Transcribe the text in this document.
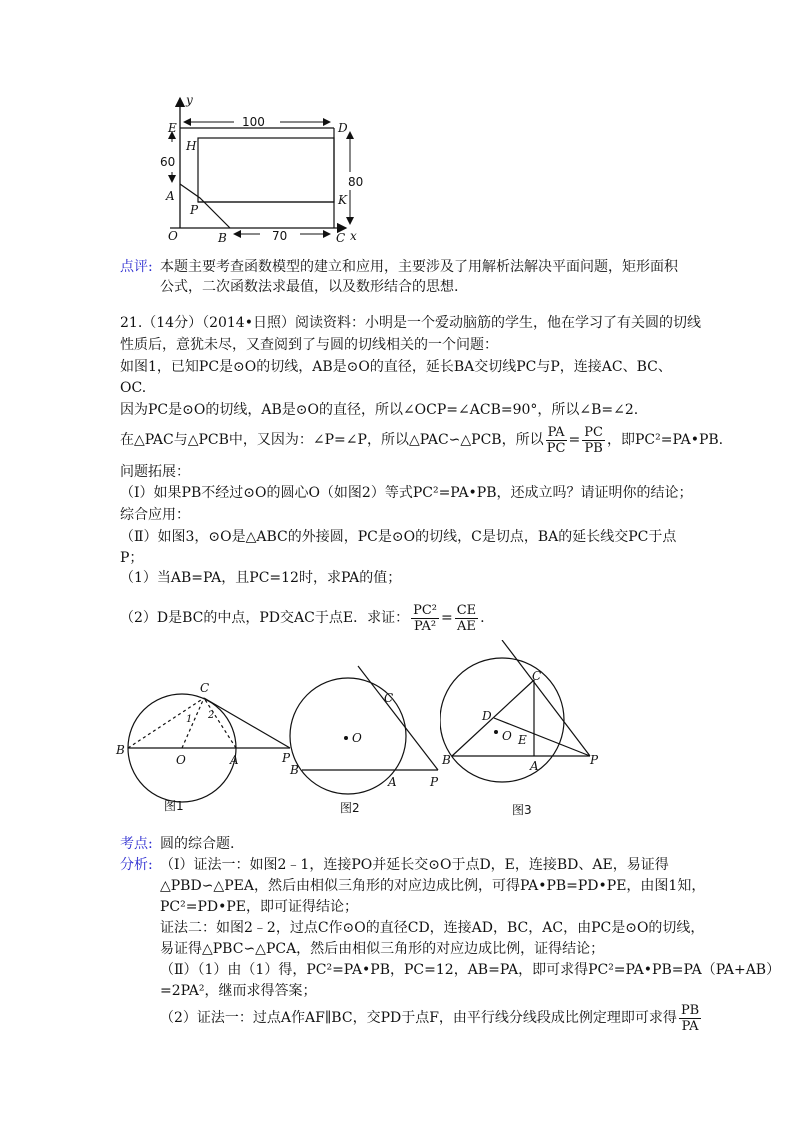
y
x
E	D
H
A
P
K
O	B	C
100
60
80
70
点评: 本题主要考查函数模型的建立和应用，主要涉及了用解析法解决平面问题，矩形面积
公式，二次函数法求最值，以及数形结合的思想.
21.（14分）（2014•日照）阅读资料：小明是一个爱动脑筋的学生，他在学习了有关圆的切线
性质后，意犹未尽，又查阅到了与圆的切线相关的一个问题：
如图1，已知PC是⊙O的切线，AB是⊙O的直径，延长BA交切线PC与P，连接AC、BC、
OC.
因为PC是⊙O的切线，AB是⊙O的直径，所以∠OCP=∠ACB=90°，所以∠B=∠2.
在△PAC与△PCB中，又因为：∠P=∠P，所以△PAC∽△PCB，所以 $\frac{PA}{PC} = \frac{PC}{PB}$ ，即PC²=PA•PB.
问题拓展：
（Ⅰ）如果PB不经过⊙O的圆心O（如图2）等式PC²=PA•PB，还成立吗？请证明你的结论；
综合应用：
（Ⅱ）如图3，⊙O是△ABC的外接圆，PC是⊙O的切线，C是切点，BA的延长线交PC于点
P；
（1）当AB=PA，且PC=12时，求PA的值；
（2）D是BC的中点，PD交AC于点E．求证： $\frac{\text{PC²}}{\text{PA²}} = \frac{CE}{AE}$ .
C
B
O	A	P
1 2
图1
C
O
B
A	P
图2
C
D
O E
B	A	P
图3
考点: 圆的综合题.
分析: （Ⅰ）证法一：如图2﹣1，连接PO并延长交⊙O于点D，E，连接BD、AE，易证得
△PBD∽△PEA，然后由相似三角形的对应边成比例，可得PA•PB=PD•PE，由图1知，
PC²=PD•PE，即可证得结论；
证法二：如图2﹣2，过点C作⊙O的直径CD，连接AD，BC，AC，由PC是⊙O的切线，
易证得△PBC∽△PCA，然后由相似三角形的对应边成比例，证得结论；
（Ⅱ）（1）由（1）得，PC²=PA•PB，PC=12，AB=PA，即可求得PC²=PA•PB=PA（PA+AB）
=2PA²，继而求得答案；
（2）证法一：过点A作AF∥BC，交PD于点F，由平行线分线段成比例定理即可求得 $\frac{PB}{PA}$
